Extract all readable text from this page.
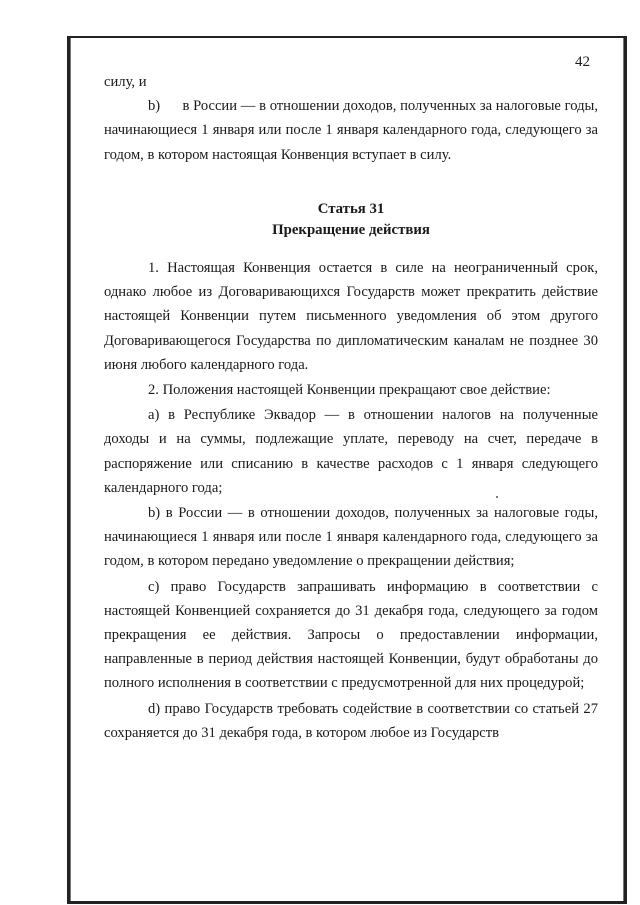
42

силу, и

b)      в России — в отношении доходов, полученных за налоговые годы, начинающиеся 1 января или после 1 января календарного года, следующего за годом, в котором настоящая Конвенция вступает в силу.

Статья 31

Прекращение действия

1. Настоящая Конвенция остается в силе на неограниченный срок, однако любое из Договаривающихся Государств может прекратить действие настоящей Конвенции путем письменного уведомления об этом другого Договаривающегося Государства по дипломатическим каналам не позднее 30 июня любого календарного года.

2. Положения настоящей Конвенции прекращают свое действие:

a) в Республике Эквадор — в отношении налогов на полученные доходы и на суммы, подлежащие уплате, переводу на счет, передаче в распоряжение или списанию в качестве расходов с 1 января следующего календарного года;

b) в России — в отношении доходов, полученных за налоговые годы, начинающиеся 1 января или после 1 января календарного года, следующего за годом, в котором передано уведомление о прекращении действия;

c) право Государств запрашивать информацию в соответствии с настоящей Конвенцией сохраняется до 31 декабря года, следующего за годом прекращения ее действия. Запросы о предоставлении информации, направленные в период действия настоящей Конвенции, будут обработаны до полного исполнения в соответствии с предусмотренной для них процедурой;

d) право Государств требовать содействие в соответствии со статьей 27 сохраняется до 31 декабря года, в котором любое из Государств
